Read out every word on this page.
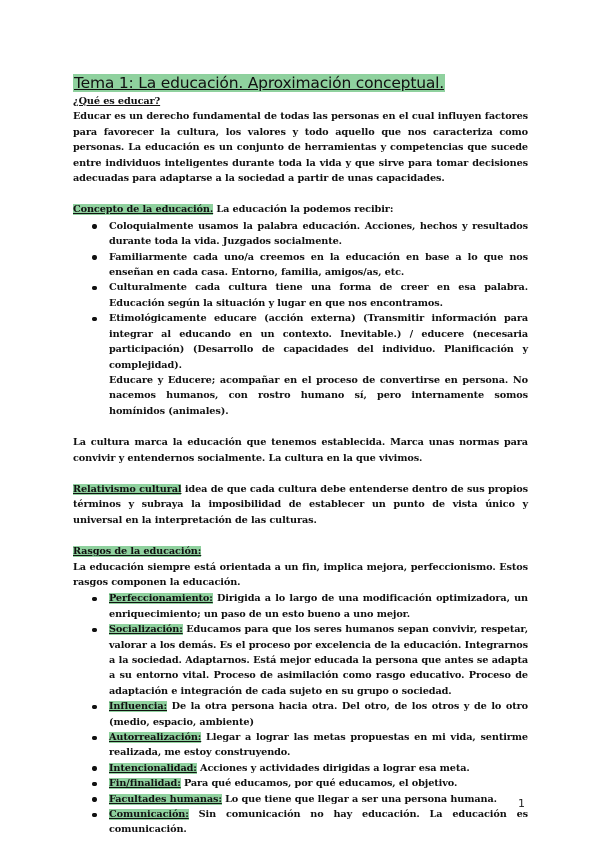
Tema 1: La educación. Aproximación conceptual.

¿Qué es educar?

Educar es un derecho fundamental de todas las personas en el cual influyen factores para favorecer la cultura, los valores y todo aquello que nos caracteriza como personas. La educación es un conjunto de herramientas y competencias que sucede entre individuos inteligentes durante toda la vida y que sirve para tomar decisiones adecuadas para adaptarse a la sociedad a partir de unas capacidades.

Concepto de la educación. La educación la podemos recibir:

Coloquialmente usamos la palabra educación. Acciones, hechos y resultados durante toda la vida. Juzgados socialmente.
Familiarmente cada uno/a creemos en la educación en base a lo que nos enseñan en cada casa. Entorno, familia, amigos/as, etc.
Culturalmente cada cultura tiene una forma de creer en esa palabra. Educación según la situación y lugar en que nos encontramos.
Etimológicamente educare (acción externa) (Transmitir información para integrar al educando en un contexto. Inevitable.) / educere (necesaria participación) (Desarrollo de capacidades del individuo. Planificación y complejidad).

Educare y Educere; acompañar en el proceso de convertirse en persona. No nacemos humanos, con rostro humano sí, pero internamente somos homínidos (animales).

La cultura marca la educación que tenemos establecida. Marca unas normas para convivir y entendernos socialmente. La cultura en la que vivimos.

Relativismo cultural idea de que cada cultura debe entenderse dentro de sus propios términos y subraya la imposibilidad de establecer un punto de vista único y universal en la interpretación de las culturas.

Rasgos de la educación:

La educación siempre está orientada a un fin, implica mejora, perfeccionismo. Estos rasgos componen la educación.

Perfeccionamiento: Dirigida a lo largo de una modificación optimizadora, un enriquecimiento; un paso de un esto bueno a uno mejor.
Socialización: Educamos para que los seres humanos sepan convivir, respetar, valorar a los demás. Es el proceso por excelencia de la educación. Integrarnos a la sociedad. Adaptarnos. Está mejor educada la persona que antes se adapta a su entorno vital. Proceso de asimilación como rasgo educativo. Proceso de adaptación e integración de cada sujeto en su grupo o sociedad.
Influencia: De la otra persona hacia otra. Del otro, de los otros y de lo otro (medio, espacio, ambiente)
Autorrealización: Llegar a lograr las metas propuestas en mi vida, sentirme realizada, me estoy construyendo.
Intencionalidad: Acciones y actividades dirigidas a lograr esa meta.
Fin/finalidad: Para qué educamos, por qué educamos, el objetivo.
Facultades humanas: Lo que tiene que llegar a ser una persona humana.
Comunicación: Sin comunicación no hay educación. La educación es comunicación.
1
